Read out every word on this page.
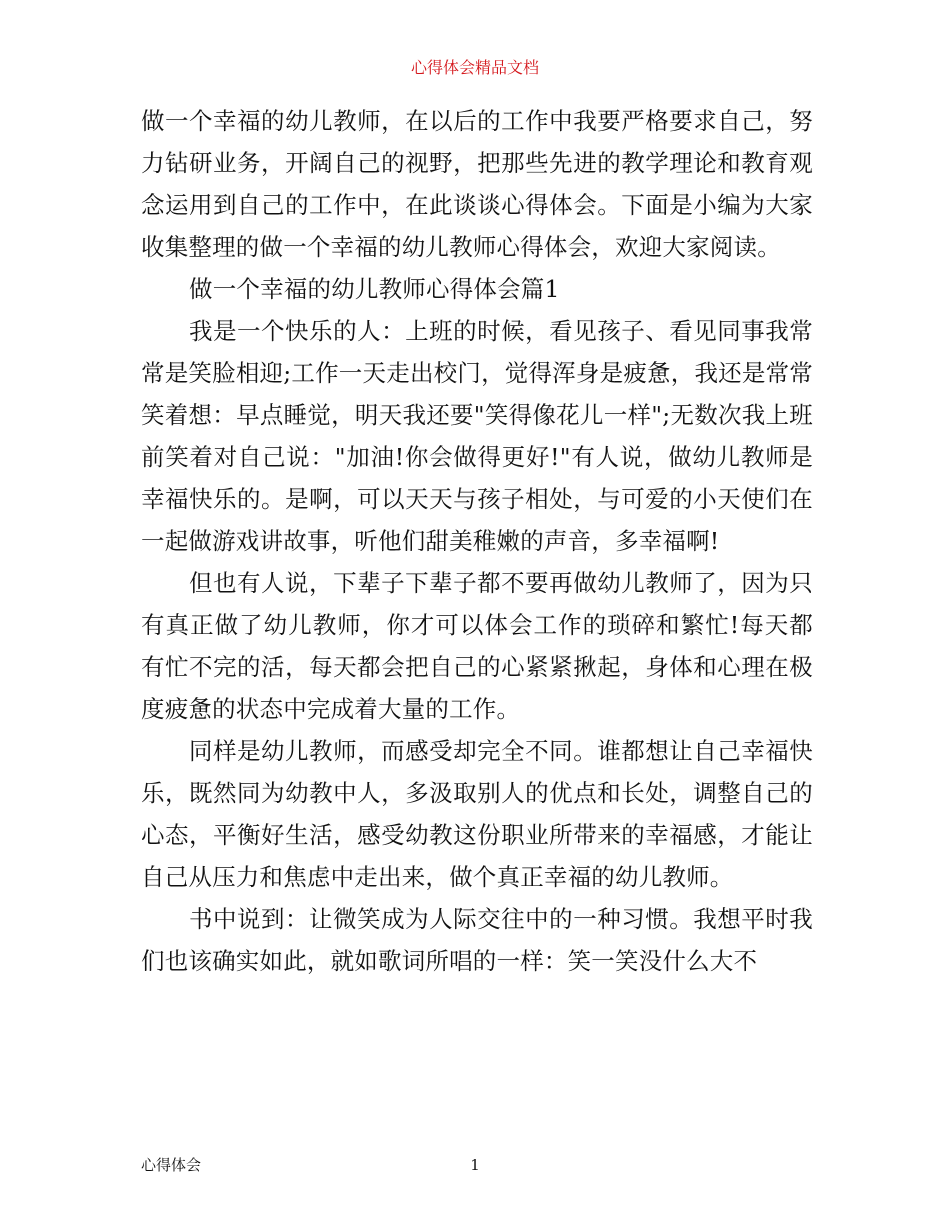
心得体会精品文档

做一个幸福的幼儿教师，在以后的工作中我要严格要求自己，努力钻研业务，开阔自己的视野，把那些先进的教学理论和教育观念运用到自己的工作中，在此谈谈心得体会。下面是小编为大家收集整理的做一个幸福的幼儿教师心得体会，欢迎大家阅读。

做一个幸福的幼儿教师心得体会篇1

我是一个快乐的人：上班的时候，看见孩子、看见同事我常常是笑脸相迎;工作一天走出校门，觉得浑身是疲惫，我还是常常笑着想：早点睡觉，明天我还要"笑得像花儿一样";无数次我上班前笑着对自己说："加油!你会做得更好!"有人说，做幼儿教师是幸福快乐的。是啊，可以天天与孩子相处，与可爱的小天使们在一起做游戏讲故事，听他们甜美稚嫩的声音，多幸福啊!

但也有人说，下辈子下辈子都不要再做幼儿教师了，因为只有真正做了幼儿教师，你才可以体会工作的琐碎和繁忙!每天都有忙不完的活，每天都会把自己的心紧紧揪起，身体和心理在极度疲惫的状态中完成着大量的工作。

同样是幼儿教师，而感受却完全不同。谁都想让自己幸福快乐，既然同为幼教中人，多汲取别人的优点和长处，调整自己的心态，平衡好生活，感受幼教这份职业所带来的幸福感，才能让自己从压力和焦虑中走出来，做个真正幸福的幼儿教师。

书中说到：让微笑成为人际交往中的一种习惯。我想平时我们也该确实如此，就如歌词所唱的一样：笑一笑没什么大不

心得体会	1
